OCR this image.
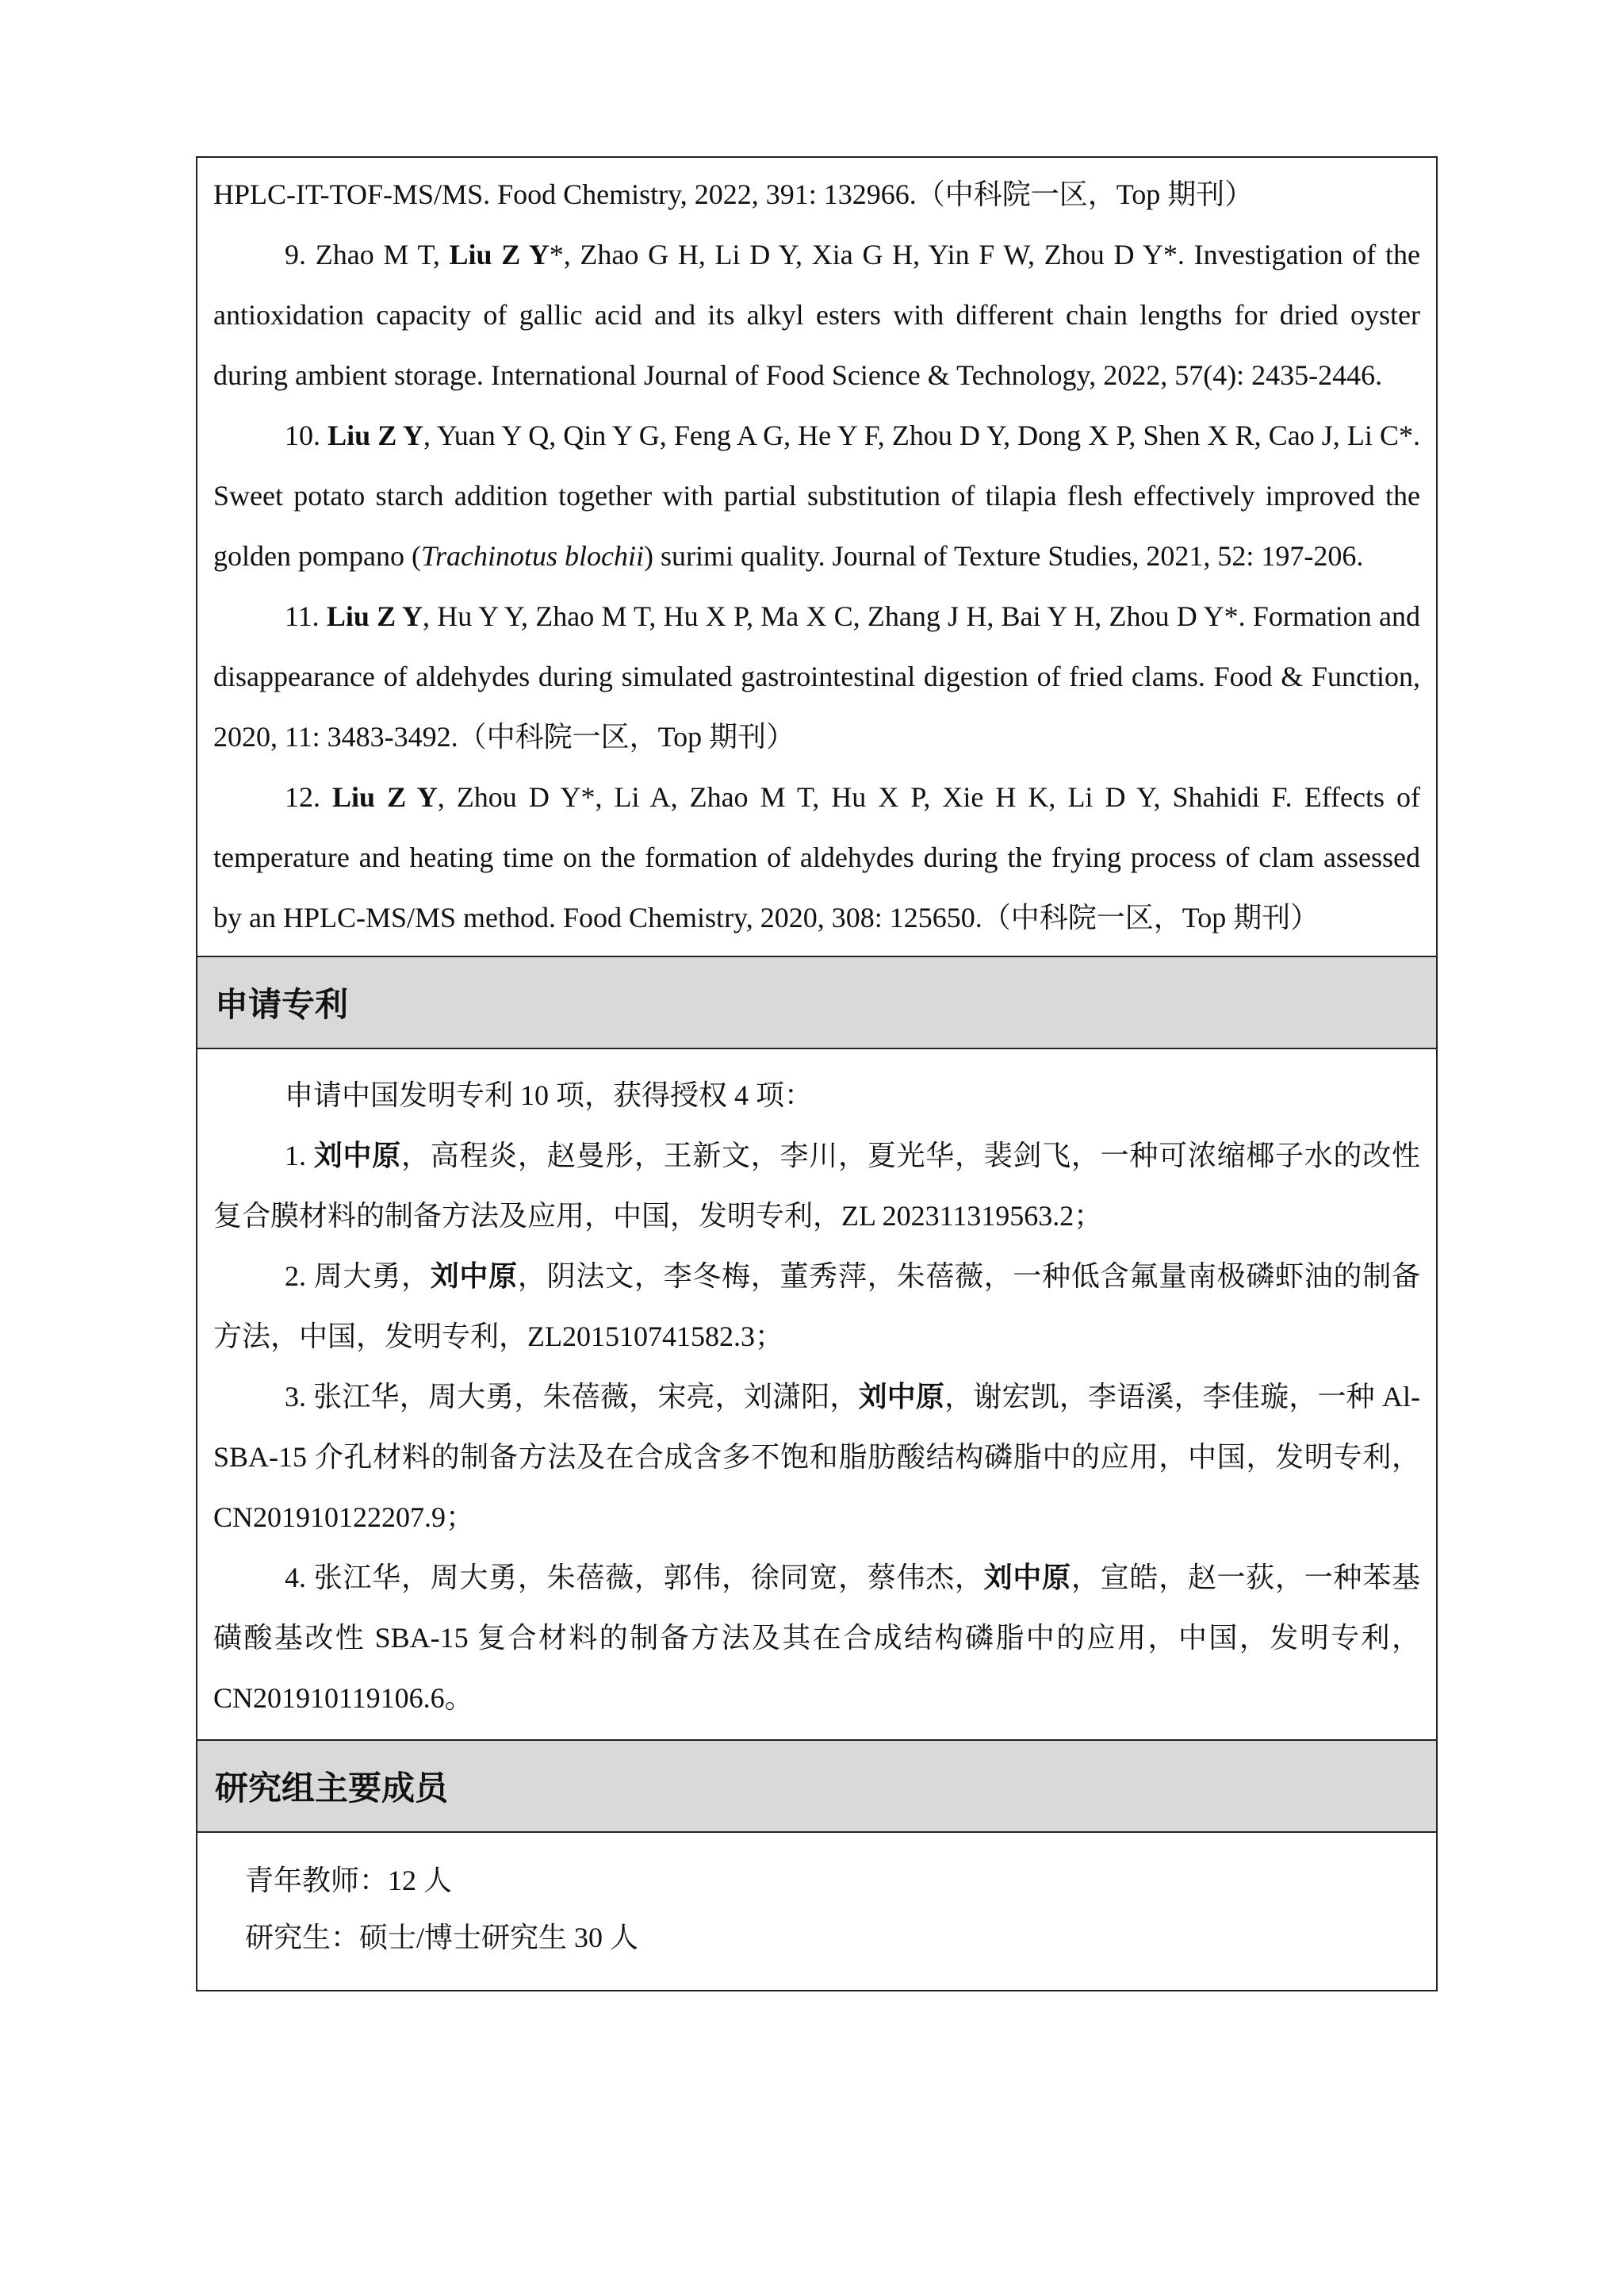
HPLC-IT-TOF-MS/MS. Food Chemistry, 2022, 391: 132966.（中科院一区，Top 期刊）

9. Zhao M T, Liu Z Y*, Zhao G H, Li D Y, Xia G H, Yin F W, Zhou D Y*. Investigation of the antioxidation capacity of gallic acid and its alkyl esters with different chain lengths for dried oyster during ambient storage. International Journal of Food Science & Technology, 2022, 57(4): 2435-2446.

10. Liu Z Y, Yuan Y Q, Qin Y G, Feng A G, He Y F, Zhou D Y, Dong X P, Shen X R, Cao J, Li C*. Sweet potato starch addition together with partial substitution of tilapia flesh effectively improved the golden pompano (Trachinotus blochii) surimi quality. Journal of Texture Studies, 2021, 52: 197-206.

11. Liu Z Y, Hu Y Y, Zhao M T, Hu X P, Ma X C, Zhang J H, Bai Y H, Zhou D Y*. Formation and disappearance of aldehydes during simulated gastrointestinal digestion of fried clams. Food & Function, 2020, 11: 3483-3492.（中科院一区，Top 期刊）

12. Liu Z Y, Zhou D Y*, Li A, Zhao M T, Hu X P, Xie H K, Li D Y, Shahidi F. Effects of temperature and heating time on the formation of aldehydes during the frying process of clam assessed by an HPLC-MS/MS method. Food Chemistry, 2020, 308: 125650.（中科院一区，Top 期刊）

申请专利

申请中国发明专利 10 项，获得授权 4 项：

1. 刘中原，高程炎，赵曼彤，王新文，李川，夏光华，裴剑飞，一种可浓缩椰子水的改性复合膜材料的制备方法及应用，中国，发明专利，ZL 202311319563.2；

2. 周大勇，刘中原，阴法文，李冬梅，董秀萍，朱蓓薇，一种低含氟量南极磷虾油的制备方法，中国，发明专利，ZL201510741582.3；

3. 张江华，周大勇，朱蓓薇，宋亮，刘潇阳，刘中原，谢宏凯，李语溪，李佳璇，一种 Al-SBA-15 介孔材料的制备方法及在合成含多不饱和脂肪酸结构磷脂中的应用，中国，发明专利，CN201910122207.9；

4. 张江华，周大勇，朱蓓薇，郭伟，徐同宽，蔡伟杰，刘中原，宣皓，赵一荻，一种苯基磺酸基改性 SBA-15 复合材料的制备方法及其在合成结构磷脂中的应用，中国，发明专利，CN201910119106.6。

研究组主要成员

青年教师：12 人

研究生：硕士/博士研究生 30 人
